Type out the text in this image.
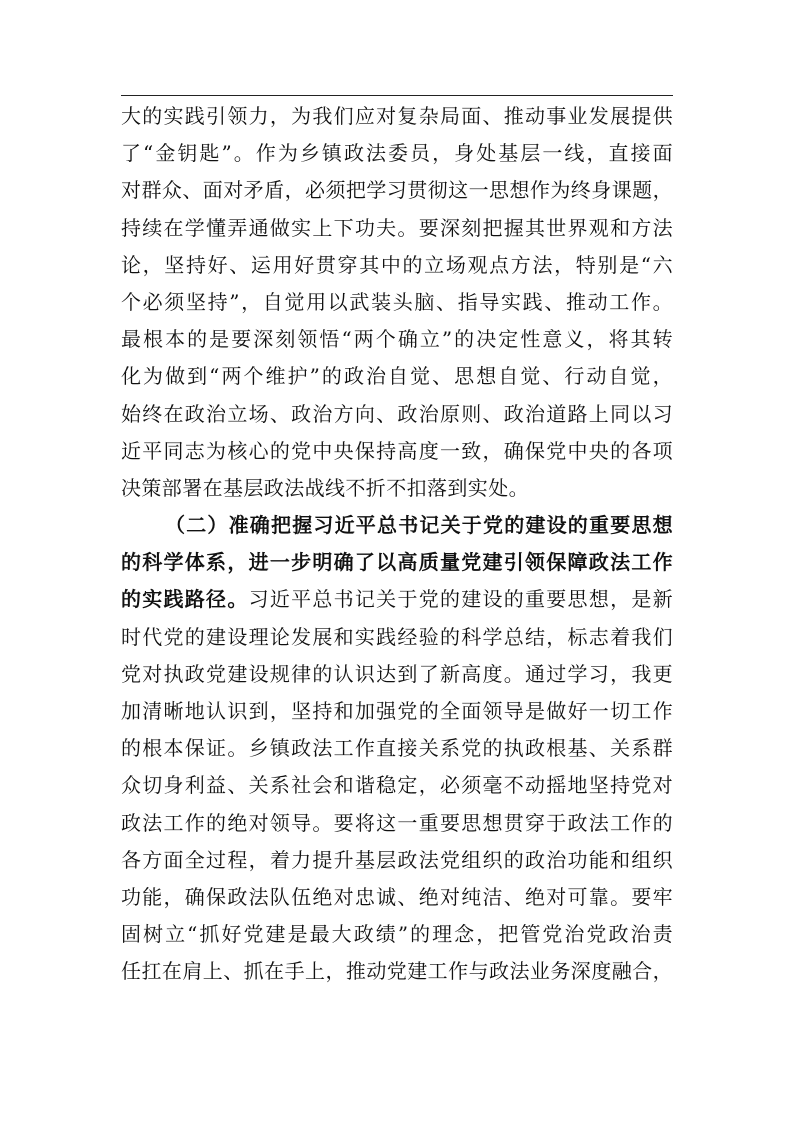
大的实践引领力，为我们应对复杂局面、推动事业发展提供
了“金钥匙”。作为乡镇政法委员，身处基层一线，直接面
对群众、面对矛盾，必须把学习贯彻这一思想作为终身课题，
持续在学懂弄通做实上下功夫。要深刻把握其世界观和方法
论，坚持好、运用好贯穿其中的立场观点方法，特别是“六
个必须坚持”，自觉用以武装头脑、指导实践、推动工作。
最根本的是要深刻领悟“两个确立”的决定性意义，将其转
化为做到“两个维护”的政治自觉、思想自觉、行动自觉，
始终在政治立场、政治方向、政治原则、政治道路上同以习
近平同志为核心的党中央保持高度一致，确保党中央的各项
决策部署在基层政法战线不折不扣落到实处。
（二）准确把握习近平总书记关于党的建设的重要思想
的科学体系，进一步明确了以高质量党建引领保障政法工作
的实践路径。习近平总书记关于党的建设的重要思想，是新
时代党的建设理论发展和实践经验的科学总结，标志着我们
党对执政党建设规律的认识达到了新高度。通过学习，我更
加清晰地认识到，坚持和加强党的全面领导是做好一切工作
的根本保证。乡镇政法工作直接关系党的执政根基、关系群
众切身利益、关系社会和谐稳定，必须毫不动摇地坚持党对
政法工作的绝对领导。要将这一重要思想贯穿于政法工作的
各方面全过程，着力提升基层政法党组织的政治功能和组织
功能，确保政法队伍绝对忠诚、绝对纯洁、绝对可靠。要牢
固树立“抓好党建是最大政绩”的理念，把管党治党政治责
任扛在肩上、抓在手上，推动党建工作与政法业务深度融合，
